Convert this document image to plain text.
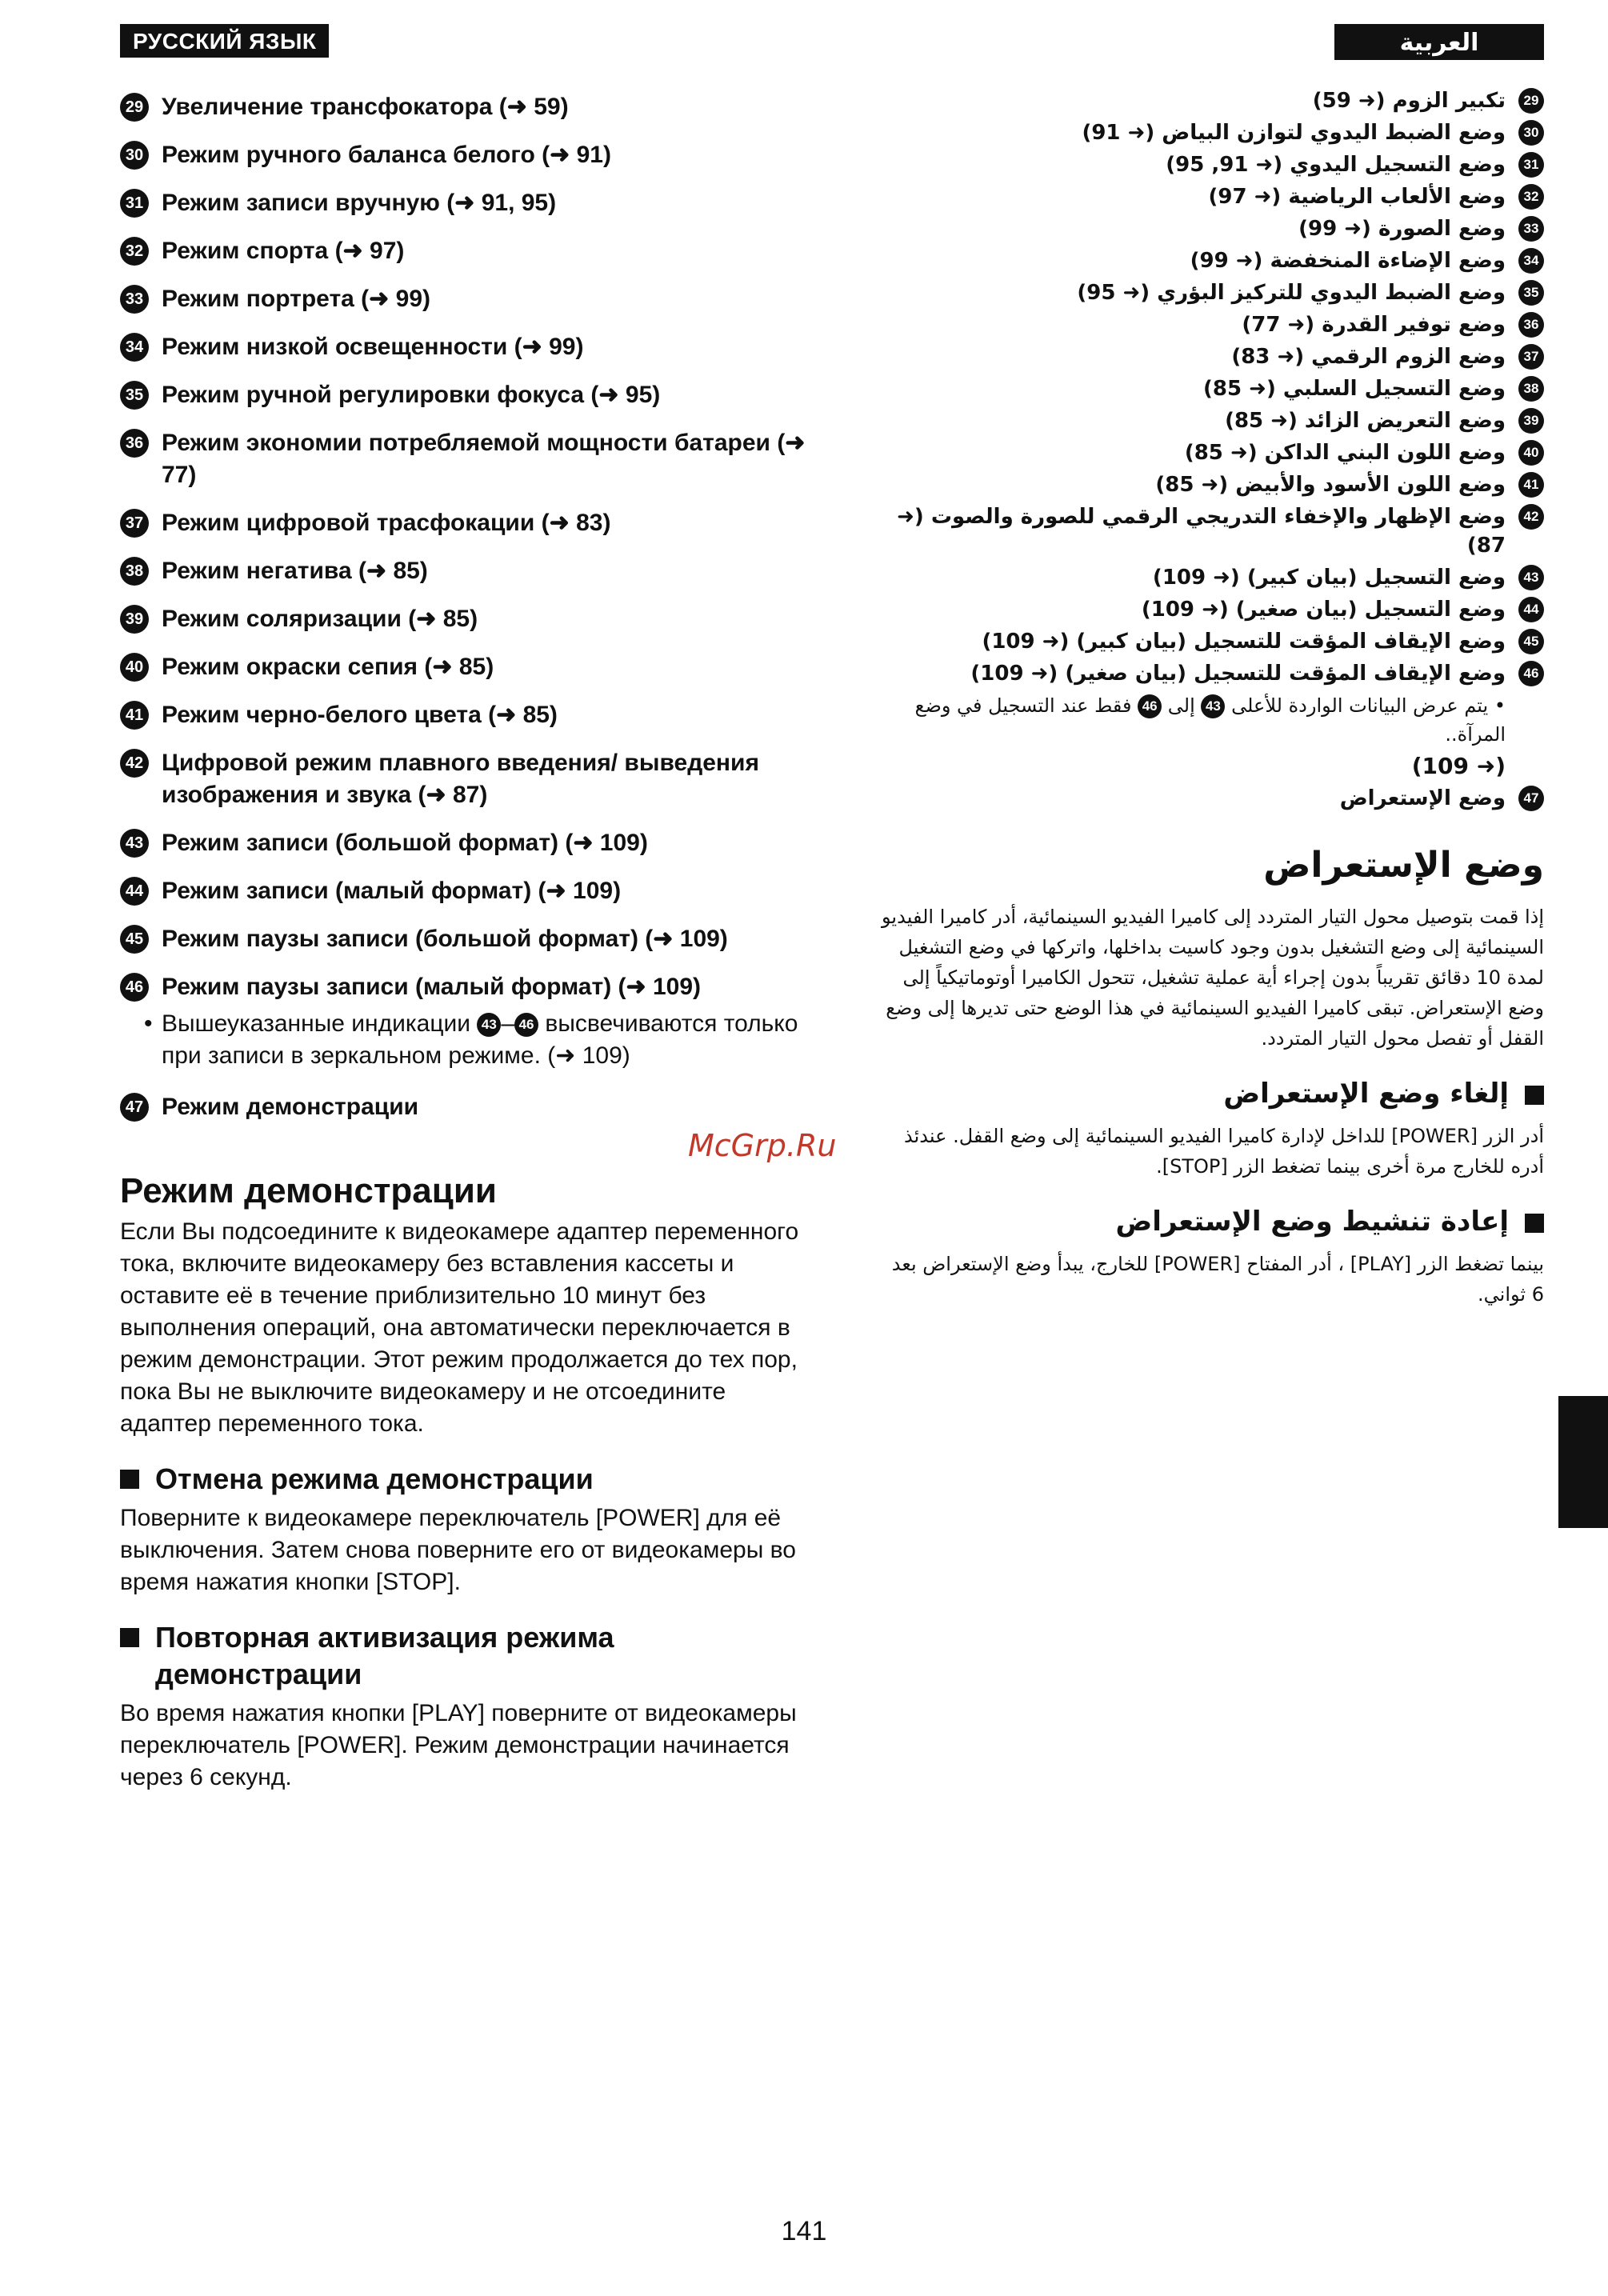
РУССКИЙ ЯЗЫК
29 Увеличение трансфокатора (➜ 59)
30 Режим ручного баланса белого (➜ 91)
31 Режим записи вручную (➜ 91, 95)
32 Режим спорта (➜ 97)
33 Режим портрета (➜ 99)
34 Режим низкой освещенности (➜ 99)
35 Режим ручной регулировки фокуса (➜ 95)
36 Режим экономии потребляемой мощности батареи (➜ 77)
37 Режим цифровой трасфокации (➜ 83)
38 Режим негатива (➜ 85)
39 Режим соляризации (➜ 85)
40 Режим окраски сепия (➜ 85)
41 Режим черно-белого цвета (➜ 85)
42 Цифровой режим плавного введения/ выведения изображения и звука (➜ 87)
43 Режим записи (большой формат) (➜ 109)
44 Режим записи (малый формат) (➜ 109)
45 Режим паузы записи (большой формат) (➜ 109)
46 Режим паузы записи (малый формат) (➜ 109)
• Вышеуказанные индикации 43 – 46 высвечиваются только при записи в зеркальном режиме. (➜ 109)
47 Режим демонстрации
Режим демонстрации

Если Вы подсоедините к видеокамере адаптер переменного тока, включите видеокамеру без вставления кассеты и оставите её в течение приблизительно 10 минут без выполнения операций, она автоматически переключается в режим демонстрации. Этот режим продолжается до тех пор, пока Вы не выключите видеокамеру и не отсоедините адаптер переменного тока.

Отмена режима демонстрации

Поверните к видеокамере переключатель [POWER] для её выключения. Затем снова поверните его от видеокамеры во время нажатия кнопки [STOP].

Повторная активизация режима демонстрации

Во время нажатия кнопки [PLAY] поверните от видеокамеры переключатель [POWER]. Режим демонстрации начинается через 6 секунд.

العربية
29
تكبير الزوم (➜ 59)
30
وضع الضبط اليدوي لتوازن البياض (➜ 91)
31
وضع التسجيل اليدوي (➜ 91, 95)
32
وضع الألعاب الرياضية (➜ 97)
33
وضع الصورة (➜ 99)
34
وضع الإضاءة المنخفضة (➜ 99)
35
وضع الضبط اليدوي للتركيز البؤري (➜ 95)
36
وضع توفير القدرة (➜ 77)
37
وضع الزوم الرقمي (➜ 83)
38
وضع التسجيل السلبي (➜ 85)
39
وضع التعريض الزائد (➜ 85)
40
وضع اللون البني الداكن (➜ 85)
41
وضع اللون الأسود والأبيض (➜ 85)
42
وضع الإظهار والإخفاء التدريجي الرقمي للصورة والصوت (➜ 87)
43
وضع التسجيل (بيان كبير) (➜ 109)
44
وضع التسجيل (بيان صغير) (➜ 109)
45
وضع الإيقاف المؤقت للتسجيل (بيان كبير) (➜ 109)
46
وضع الإيقاف المؤقت للتسجيل (بيان صغير) (➜ 109)
• يتم عرض البيانات الواردة للأعلى 43 إلى 46 فقط عند التسجيل في وضع المرآة..
(➜ 109)
47
وضع الإستعراض
وضع الإستعراض

إذا قمت بتوصيل محول التيار المتردد إلى كاميرا الفيديو السينمائية، أدر كاميرا الفيديو السينمائية إلى وضع التشغيل بدون وجود كاسيت بداخلها، واتركها في وضع التشغيل لمدة 10 دقائق تقريباً بدون إجراء أية عملية تشغيل، تتحول الكاميرا أوتوماتيكياً إلى وضع الإستعراض. تبقى كاميرا الفيديو السينمائية في هذا الوضع حتى تديرها إلى وضع القفل أو تفصل محول التيار المتردد.

إلغاء وضع الإستعراض

أدر الزر [POWER] للداخل لإدارة كاميرا الفيديو السينمائية إلى وضع القفل. عندئذ أدره للخارج مرة أخرى بينما تضغط الزر [STOP].

إعادة تنشيط وضع الإستعراض

بينما تضغط الزر [PLAY] ، أدر المفتاح [POWER] للخارج، يبدأ وضع الإستعراض بعد 6 ثواني.

McGrp.Ru
141
